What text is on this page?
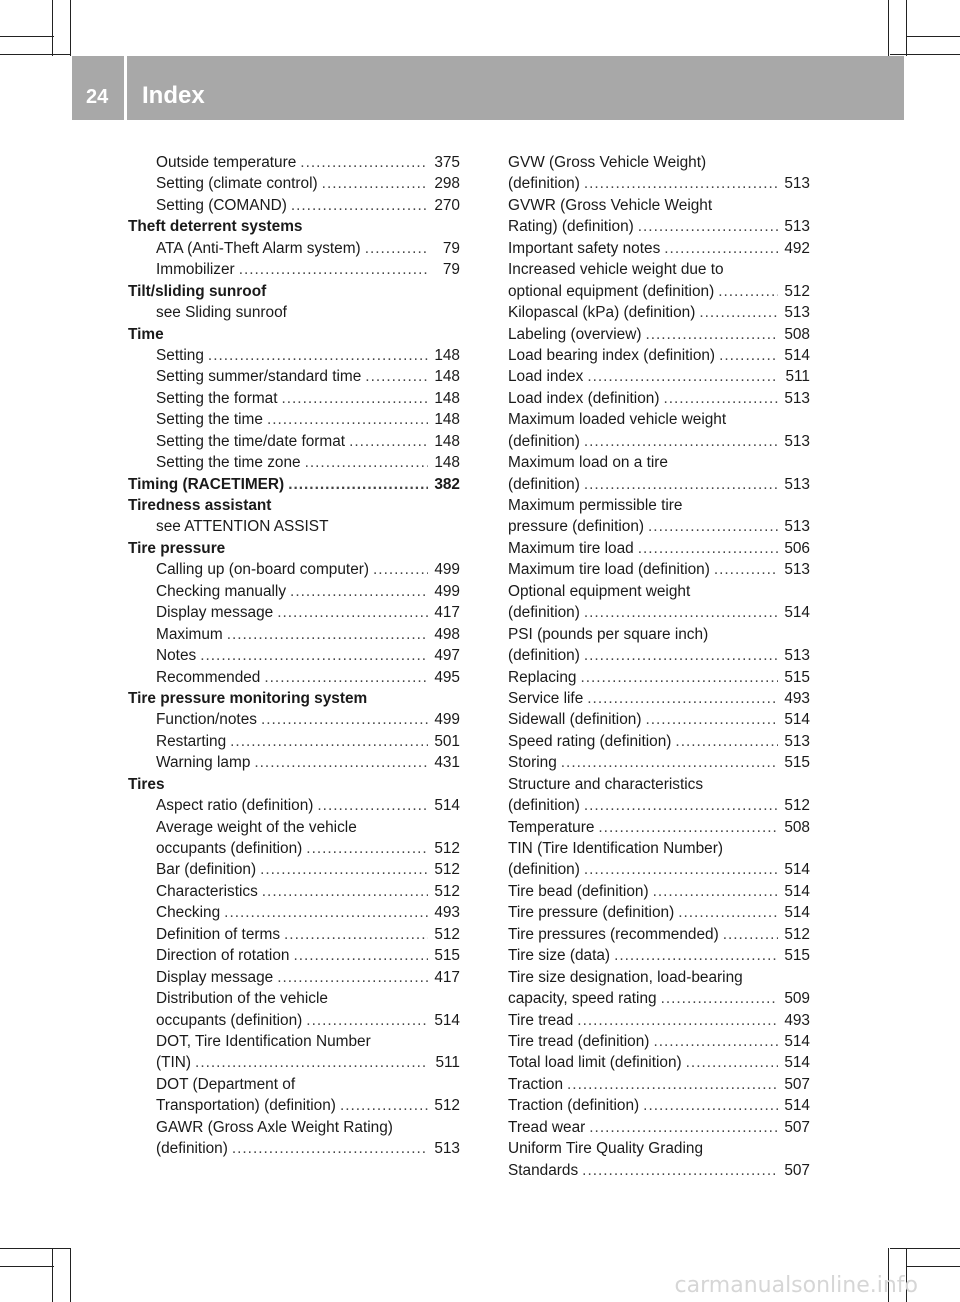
24	Index
Outside temperature .....	375
Setting (climate control) .....	298
Setting (COMAND) .....	270
Theft deterrent systems
ATA (Anti-Theft Alarm system) .....	79
Immobilizer .....	79
Tilt/sliding sunroof
see Sliding sunroof
Time
Setting .....	148
Setting summer/standard time .....	148
Setting the format .....	148
Setting the time .....	148
Setting the time/date format .....	148
Setting the time zone .....	148
Timing (RACETIMER) .....	382
Tiredness assistant
see ATTENTION ASSIST
Tire pressure
Calling up (on-board computer) .....	499
Checking manually .....	499
Display message .....	417
Maximum .....	498
Notes .....	497
Recommended .....	495
Tire pressure monitoring system
Function/notes .....	499
Restarting .....	501
Warning lamp .....	431
Tires
Aspect ratio (definition) .....	514
Average weight of the vehicle
occupants (definition) .....	512
Bar (definition) .....	512
Characteristics .....	512
Checking .....	493
Definition of terms .....	512
Direction of rotation .....	515
Display message .....	417
Distribution of the vehicle
occupants (definition) .....	514
DOT, Tire Identification Number
(TIN) .....	511
DOT (Department of
Transportation) (definition) .....	512
GAWR (Gross Axle Weight Rating)
(definition) .....	513
GVW (Gross Vehicle Weight)
(definition) .....	513
GVWR (Gross Vehicle Weight
Rating) (definition) .....	513
Important safety notes .....	492
Increased vehicle weight due to
optional equipment (definition) .....	512
Kilopascal (kPa) (definition) .....	513
Labeling (overview) .....	508
Load bearing index (definition) .....	514
Load index .....	511
Load index (definition) .....	513
Maximum loaded vehicle weight
(definition) .....	513
Maximum load on a tire
(definition) .....	513
Maximum permissible tire
pressure (definition) .....	513
Maximum tire load .....	506
Maximum tire load (definition) .....	513
Optional equipment weight
(definition) .....	514
PSI (pounds per square inch)
(definition) .....	513
Replacing .....	515
Service life .....	493
Sidewall (definition) .....	514
Speed rating (definition) .....	513
Storing .....	515
Structure and characteristics
(definition) .....	512
Temperature .....	508
TIN (Tire Identification Number)
(definition) .....	514
Tire bead (definition) .....	514
Tire pressure (definition) .....	514
Tire pressures (recommended) .....	512
Tire size (data) .....	515
Tire size designation, load-bearing
capacity, speed rating .....	509
Tire tread .....	493
Tire tread (definition) .....	514
Total load limit (definition) .....	514
Traction .....	507
Traction (definition) .....	514
Tread wear .....	507
Uniform Tire Quality Grading
Standards .....	507
carmanualsonline.info
